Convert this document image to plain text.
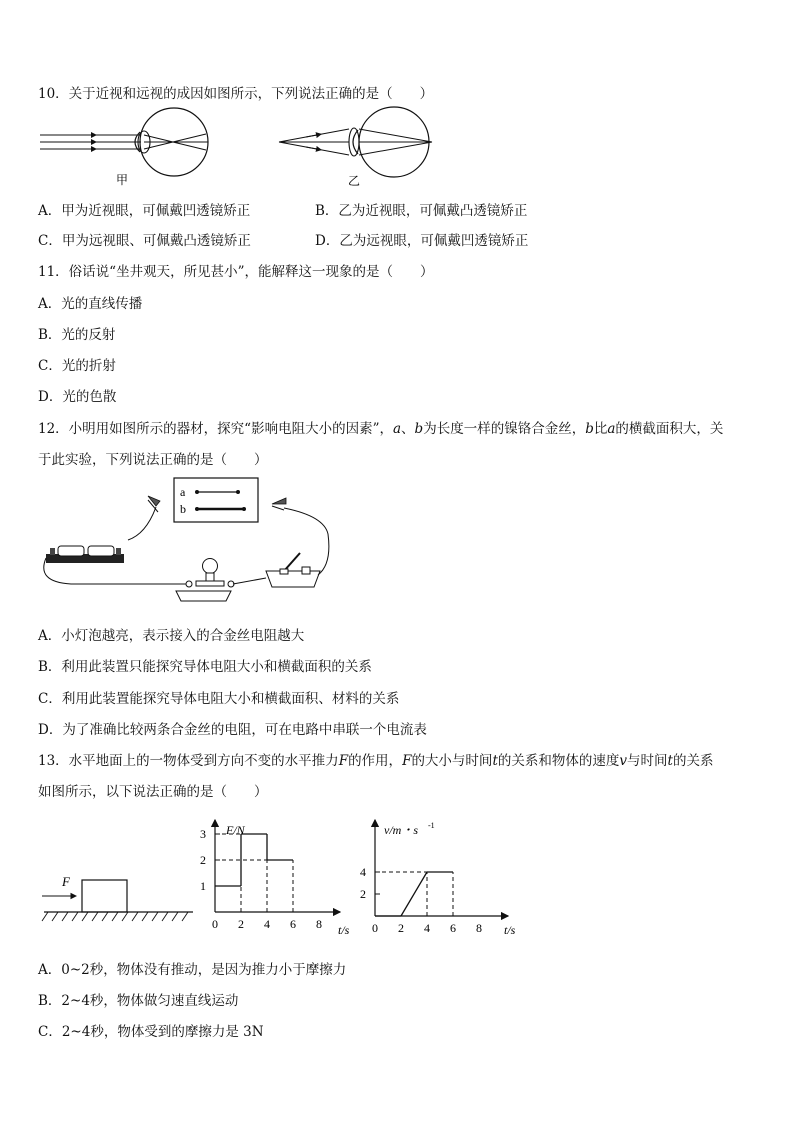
10．关于近视和远视的成因如图所示，下列说法正确的是（　　）
甲	乙
A．甲为近视眼，可佩戴凹透镜矫正	B．乙为近视眼，可佩戴凸透镜矫正
C．甲为远视眼、可佩戴凸透镜矫正	D．乙为远视眼，可佩戴凹透镜矫正
11．俗话说“坐井观天，所见甚小”，能解释这一现象的是（　　）
A．光的直线传播
B．光的反射
C．光的折射
D．光的色散
12．小明用如图所示的器材，探究“影响电阻大小的因素”，a、b为长度一样的镍铬合金丝，b比a的横截面积大，关
于此实验，下列说法正确的是（　　）
a
b
A．小灯泡越亮，表示接入的合金丝电阻越大
B．利用此装置只能探究导体电阻大小和横截面积的关系
C．利用此装置能探究导体电阻大小和横截面积、材料的关系
D．为了准确比较两条合金丝的电阻，可在电路中串联一个电流表
13．水平地面上的一物体受到方向不变的水平推力F的作用，F的大小与时间t的关系和物体的速度v与时间t的关系
如图所示，以下说法正确的是（　　）
F	1
2
3
0 2 4 6 8
F/N
t/s
2
4
0 2 4 6 8
v/m・s -1
t/s
A．0~2秒，物体没有推动，是因为推力小于摩擦力
B．2~4秒，物体做匀速直线运动
C．2~4秒，物体受到的摩擦力是 3N
